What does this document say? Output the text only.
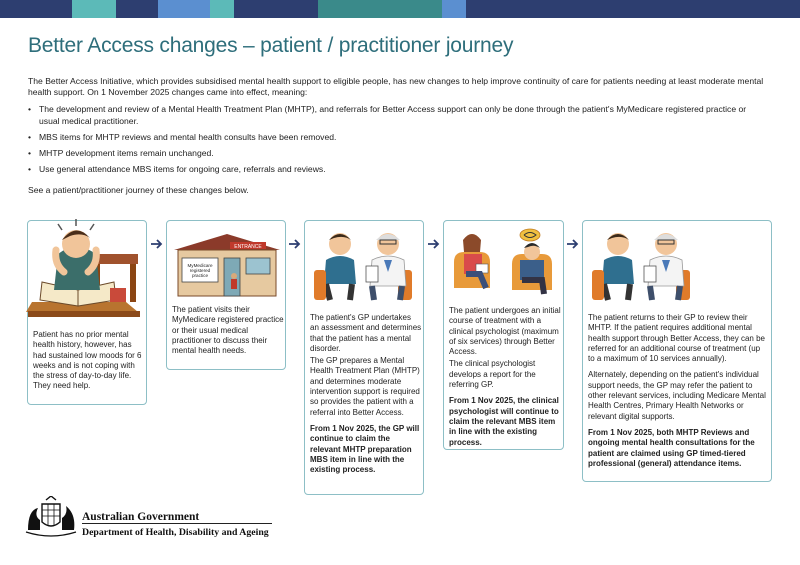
Better Access changes – patient / practitioner journey

The Better Access Initiative, which provides subsidised mental health support to eligible people, has new changes to help improve continuity of care for patients needing at least moderate mental health support. On 1 November 2025 changes came into effect, meaning:

• The development and review of a Mental Health Treatment Plan (MHTP), and referrals for Better Access support can only be done through the patient's MyMedicare registered practice or usual medical practitioner.
• MBS items for MHTP reviews and mental health consults have been removed.
• MHTP development items remain unchanged.
• Use general attendance MBS items for ongoing care, referrals and reviews.
See a patient/practitioner journey of these changes below.

Patient has no prior mental health history, however, has had sustained low moods for 6 weeks and is not coping with the stress of day-to-day life. They need help.

The patient visits their MyMedicare registered practice or their usual medical practitioner to discuss their mental health needs.

ENTRANCE
MyMedicare registered practice

The patient's GP undertakes an assessment and determines that the patient has a mental disorder.

The GP prepares a Mental Health Treatment Plan (MHTP) and determines moderate intervention support is required so provides the patient with a referral into Better Access.

From 1 Nov 2025, the GP will continue to claim the relevant MHTP preparation MBS item in line with the existing process.

The patient undergoes an initial course of treatment with a clinical psychologist (maximum of six services) through Better Access.

The clinical psychologist develops a report for the referring GP.

From 1 Nov 2025, the clinical psychologist will continue to claim the relevant MBS item in line with the existing process.

The patient returns to their GP to review their MHTP. If the patient requires additional mental health support through Better Access, they can be referred for an additional course of treatment (up to a maximum of 10 services annually).

Alternately, depending on the patient's individual support needs, the GP may refer the patient to other relevant services, including Medicare Mental Health Centres, Primary Health Networks or relevant digital supports.

From 1 Nov 2025, both MHTP Reviews and ongoing mental health consultations for the patient are claimed using GP timed-tiered professional (general) attendance items.

Australian Government
Department of Health, Disability and Ageing
